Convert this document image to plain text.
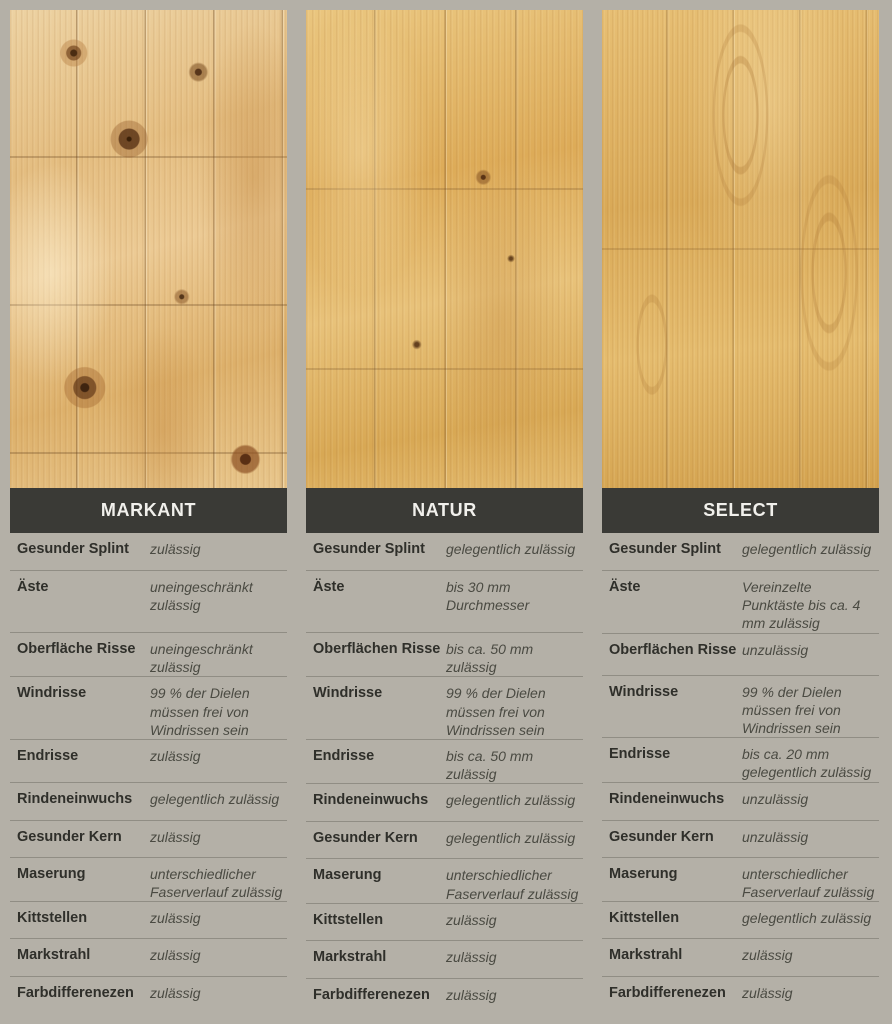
MARKANT
Gesunder Splint	zulässig
Äste	uneingeschränkt zulässig
Oberfläche Risse	uneingeschränkt zulässig
Windrisse	99 % der Dielen müssen frei von Windrissen sein
Endrisse	zulässig
Rindeneinwuchs	gelegentlich zulässig
Gesunder Kern	zulässig
Maserung	unterschiedlicher Faserverlauf zulässig
Kittstellen	zulässig
Markstrahl	zulässig
Farbdifferenezen	zulässig
NATUR
Gesunder Splint	gelegentlich zulässig
Äste	bis 30 mm Durchmesser
Oberflächen Risse bis ca. 50 mm zulässig
Windrisse	99 % der Dielen müssen frei von Windrissen sein
Endrisse	bis ca. 50 mm zulässig
Rindeneinwuchs	gelegentlich zulässig
Gesunder Kern	gelegentlich zulässig
Maserung	unterschiedlicher Faserverlauf zulässig
Kittstellen	zulässig
Markstrahl	zulässig
Farbdifferenezen	zulässig
SELECT
Gesunder Splint	gelegentlich zulässig
Äste	Vereinzelte Punktäste bis ca. 4 mm zulässig
Oberflächen Risse unzulässig
Windrisse	99 % der Dielen müssen frei von Windrissen sein
Endrisse	bis ca. 20 mm gelegentlich zulässig
Rindeneinwuchs	unzulässig
Gesunder Kern	unzulässig
Maserung	unterschiedlicher Faserverlauf zulässig
Kittstellen	gelegentlich zulässig
Markstrahl	zulässig
Farbdifferenezen	zulässig
